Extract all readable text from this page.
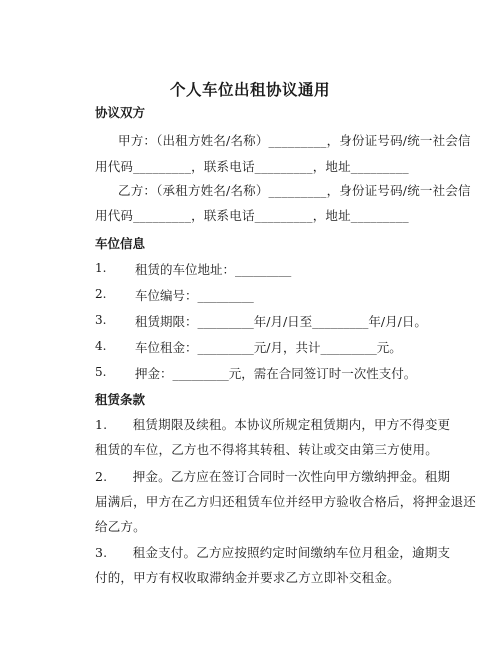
个人车位出租协议通用
协议双方
甲方：（出租方姓名/名称）_________，身份证号码/统一社会信
用代码_________，联系电话_________，地址_________
乙方：（承租方姓名/名称）_________，身份证号码/统一社会信
用代码_________，联系电话_________，地址_________
车位信息
1. 租赁的车位地址：_________
2. 车位编号：_________
3. 租赁期限：_________年/月/日至_________年/月/日。
4. 车位租金：_________元/月，共计_________元。
5. 押金：_________元，需在合同签订时一次性支付。
租赁条款
1.　　租赁期限及续租。本协议所规定租赁期内，甲方不得变更
租赁的车位，乙方也不得将其转租、转让或交由第三方使用。
2.　　押金。乙方应在签订合同时一次性向甲方缴纳押金。租期
届满后，甲方在乙方归还租赁车位并经甲方验收合格后，将押金退还
给乙方。
3.　　租金支付。乙方应按照约定时间缴纳车位月租金，逾期支
付的，甲方有权收取滞纳金并要求乙方立即补交租金。
